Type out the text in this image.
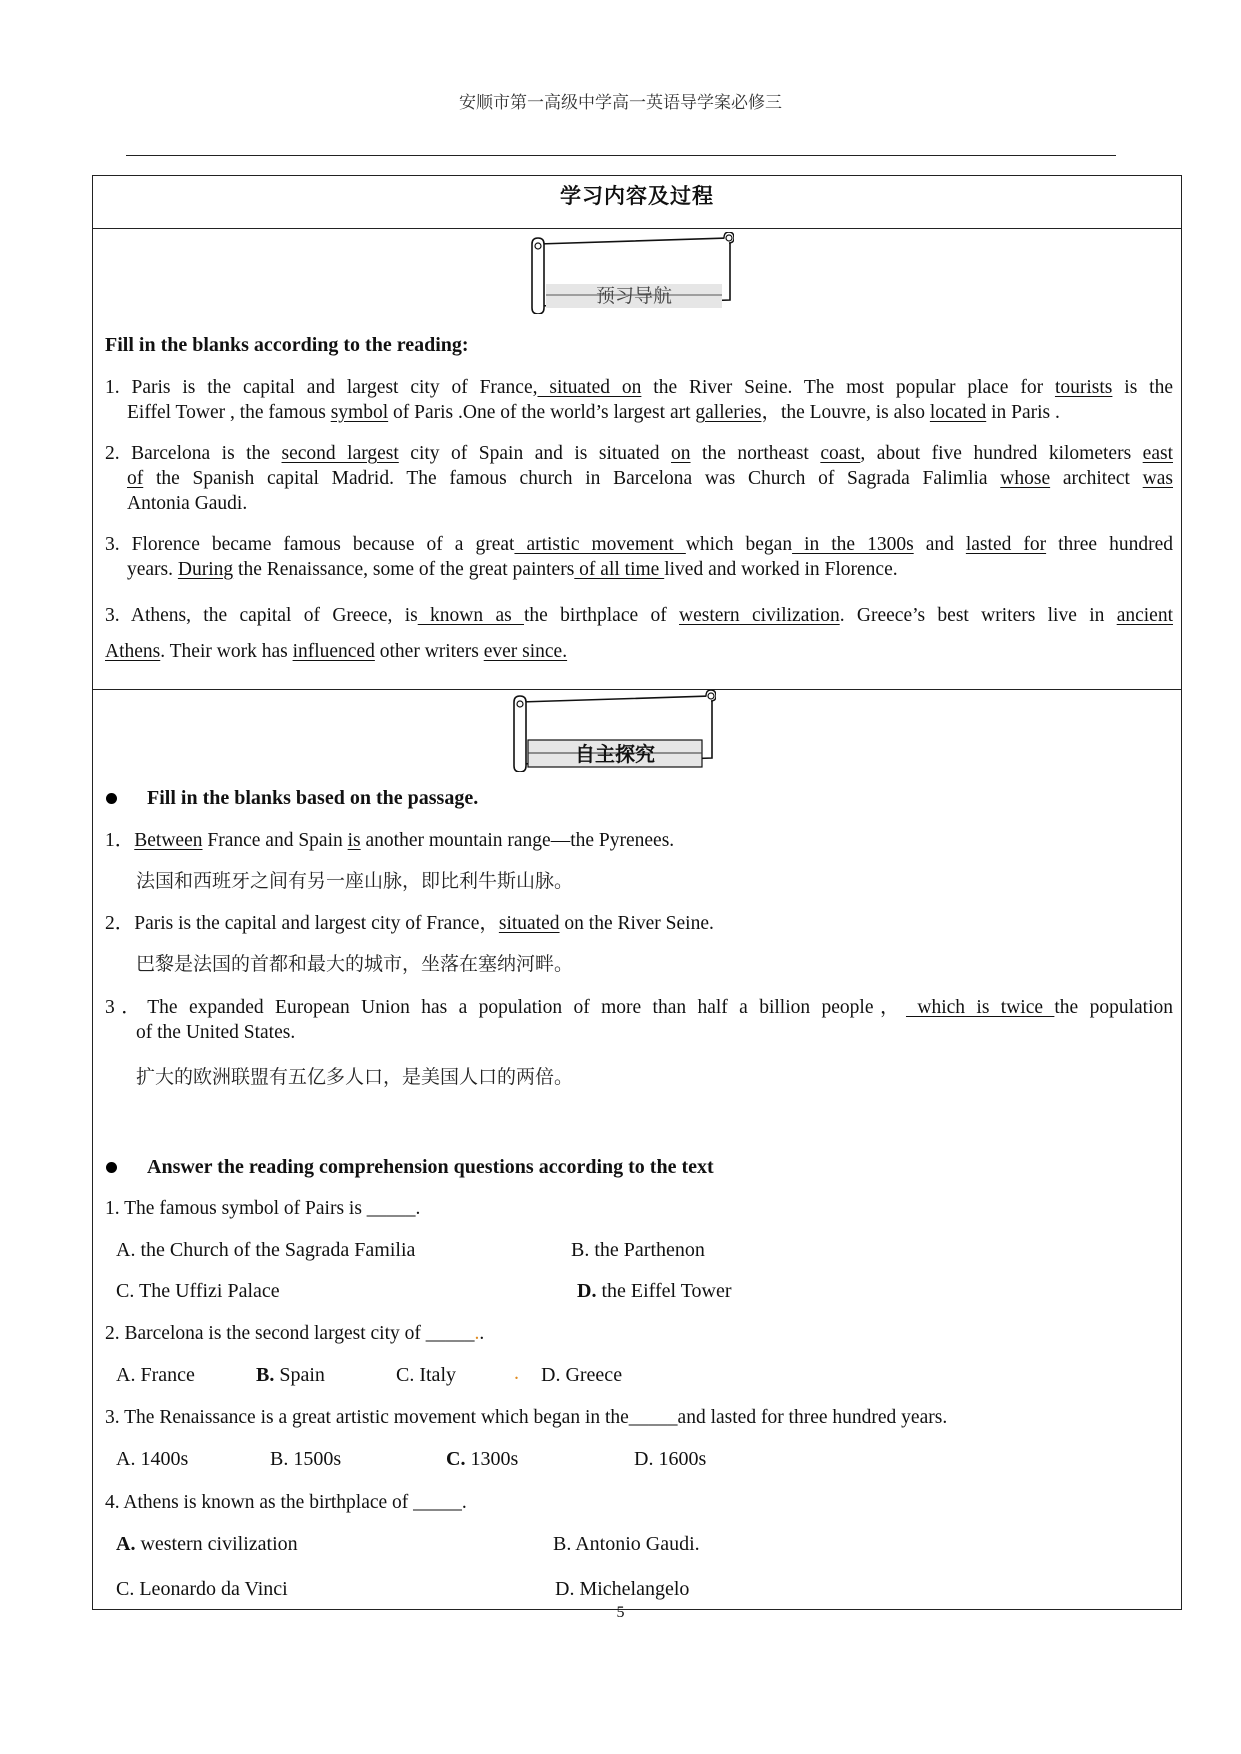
安顺市第一高级中学高一英语导学案必修三
学习内容及过程
预习导航
Fill in the blanks according to the reading:
1. Paris is the capital and largest city of France, situated on the River Seine. The most popular place for tourists is the
Eiffel Tower , the famous symbol of Paris .One of the world’s largest art galleries，the Louvre, is also located in Paris .
2. Barcelona is the second largest city of Spain and is situated on the northeast coast, about five hundred kilometers east
of the Spanish capital Madrid. The famous church in Barcelona was Church of Sagrada Falimlia whose architect was
Antonia Gaudi.
3. Florence became famous because of a great artistic movement which began in the 1300s and lasted for three hundred
years. During the Renaissance, some of the great painters of all time lived and worked in Florence.
3. Athens, the capital of Greece, is known as the birthplace of western civilization. Greece’s best writers live in ancient
Athens. Their work has influenced other writers ever since.
自主探究
Fill in the blanks based on the passage.
1．Between France and Spain is another mountain range—the Pyrenees.
法国和西班牙之间有另一座山脉，即比利牛斯山脉。
2．Paris is the capital and largest city of France，situated on the River Seine.
巴黎是法国的首都和最大的城市，坐落在塞纳河畔。
3．The expanded European Union has a population of more than half a billion people， which is twice the population
of the United States.
扩大的欧洲联盟有五亿多人口，是美国人口的两倍。
Answer the reading comprehension questions according to the text
1. The famous symbol of Pairs is _____.
A. the Church of the Sagrada Familia	B. the Parthenon
C. The Uffizi Palace	D. the Eiffel Tower
2. Barcelona is the second largest city of _____..
A. France	B. Spain	C. Italy	. D. Greece
3. The Renaissance is a great artistic movement which began in the_____and lasted for three hundred years.
A. 1400s	B. 1500s	C. 1300s	D. 1600s
4. Athens is known as the birthplace of _____.
A. western civilization	B. Antonio Gaudi.
C. Leonardo da Vinci	D. Michelangelo
5
